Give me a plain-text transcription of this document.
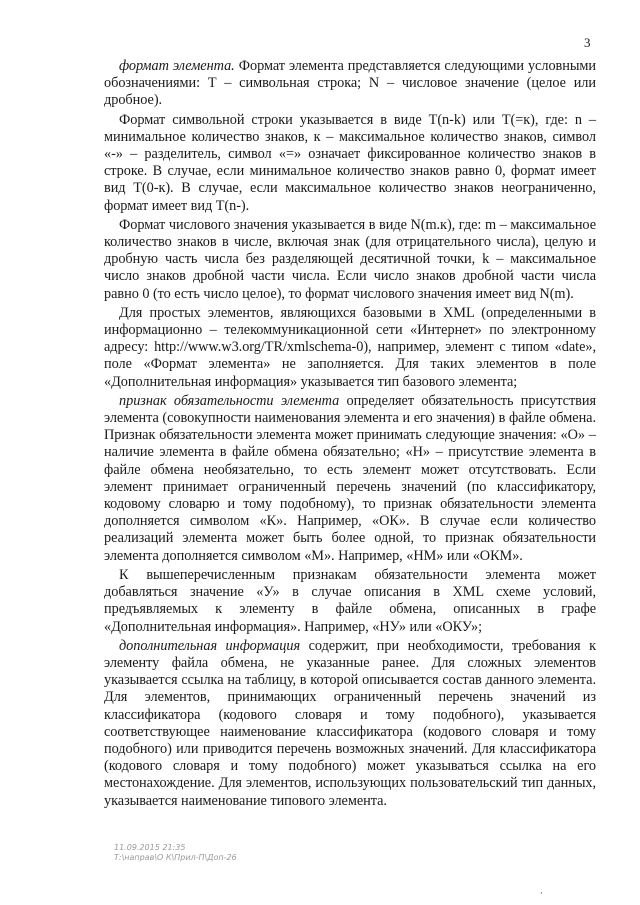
3

формат элемента. Формат элемента представляется следующими условными обозначениями: Т – символьная строка; N – числовое значение (целое или дробное).

Формат символьной строки указывается в виде Т(n-k) или Т(=к), где: n – минимальное количество знаков, к – максимальное количество знаков, символ «-» – разделитель, символ «=» означает фиксированное количество знаков в строке. В случае, если минимальное количество знаков равно 0, формат имеет вид Т(0-к). В случае, если максимальное количество знаков неограниченно, формат имеет вид Т(n-).

Формат числового значения указывается в виде N(m.к), где: m – максимальное количество знаков в числе, включая знак (для отрицательного числа), целую и дробную часть числа без разделяющей десятичной точки, k – максимальное число знаков дробной части числа. Если число знаков дробной части числа равно 0 (то есть число целое), то формат числового значения имеет вид N(m).

Для простых элементов, являющихся базовыми в XML (определенными в информационно – телекоммуникационной сети «Интернет» по электронному адресу: http://www.w3.org/TR/xmlschema-0), например, элемент с типом «date», поле «Формат элемента» не заполняется. Для таких элементов в поле «Дополнительная информация» указывается тип базового элемента;

признак обязательности элемента определяет обязательность присутствия элемента (совокупности наименования элемента и его значения) в файле обмена. Признак обязательности элемента может принимать следующие значения: «О» – наличие элемента в файле обмена обязательно; «Н» – присутствие элемента в файле обмена необязательно, то есть элемент может отсутствовать. Если элемент принимает ограниченный перечень значений (по классификатору, кодовому словарю и тому подобному), то признак обязательности элемента дополняется символом «К». Например, «ОК». В случае если количество реализаций элемента может быть более одной, то признак обязательности элемента дополняется символом «М». Например, «НМ» или «ОКМ».

К вышеперечисленным признакам обязательности элемента может добавляться значение «У» в случае описания в XML схеме условий, предъявляемых к элементу в файле обмена, описанных в графе «Дополнительная информация». Например, «НУ» или «ОКУ»;

дополнительная информация содержит, при необходимости, требования к элементу файла обмена, не указанные ранее. Для сложных элементов указывается ссылка на таблицу, в которой описывается состав данного элемента. Для элементов, принимающих ограниченный перечень значений из классификатора (кодового словаря и тому подобного), указывается соответствующее наименование классификатора (кодового словаря и тому подобного) или приводится перечень возможных значений. Для классификатора (кодового словаря и тому подобного) может указываться ссылка на его местонахождение. Для элементов, использующих пользовательский тип данных, указывается наименование типового элемента.

11.09.2015 21:35
Т:\направ\О К\Прил-П\Доп-26
‚
